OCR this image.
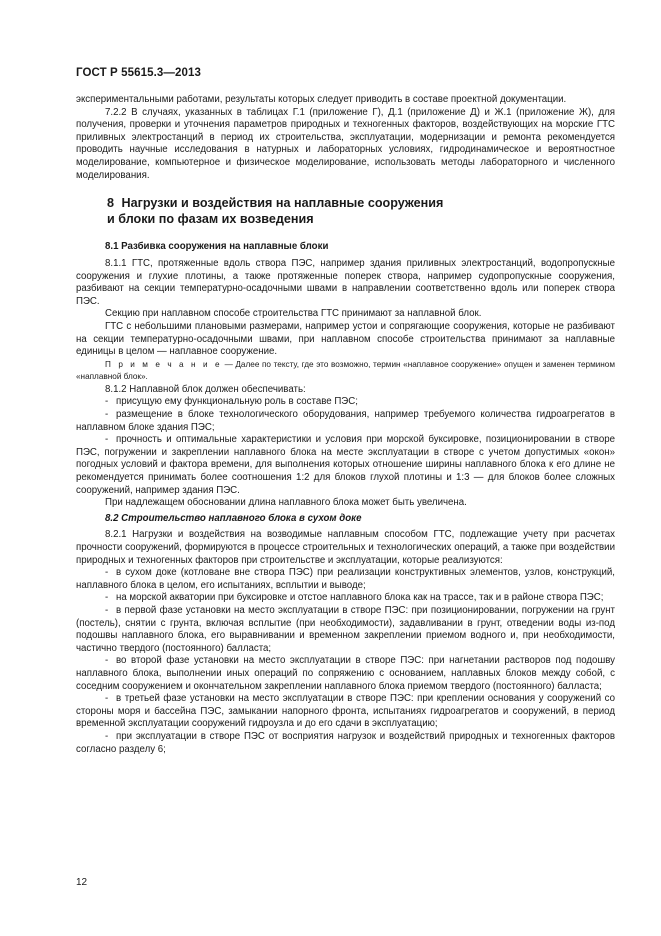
ГОСТ Р 55615.3—2013

экспериментальными работами, результаты которых следует приводить в составе проектной документации.

7.2.2 В случаях, указанных в таблицах Г.1 (приложение Г), Д.1 (приложение Д) и Ж.1 (приложение Ж), для получения, проверки и уточнения параметров природных и техногенных факторов, воздействующих на морские ГТС приливных электростанций в период их строительства, эксплуатации, модернизации и ремонта рекомендуется проводить научные исследования в натурных и лабораторных условиях, гидродинамическое и вероятностное моделирование, компьютерное и физическое моделирование, использовать методы лабораторного и численного моделирования.

8 Нагрузки и воздействия на наплавные сооружения
и блоки по фазам их возведения
8.1 Разбивка сооружения на наплавные блоки

8.1.1 ГТС, протяженные вдоль створа ПЭС, например здания приливных электростанций, водопропускные сооружения и глухие плотины, а также протяженные поперек створа, например судопропускные сооружения, разбивают на секции температурно-осадочными швами в направлении соответственно вдоль или поперек створа ПЭС.

Секцию при наплавном способе строительства ГТС принимают за наплавной блок.

ГТС с небольшими плановыми размерами, например устои и сопрягающие сооружения, которые не разбивают на секции температурно-осадочными швами, при наплавном способе строительства принимают за наплавные единицы в целом — наплавное сооружение.

П р и м е ч а н и е — Далее по тексту, где это возможно, термин «наплавное сооружение» опущен и заменен термином «наплавной блок».

8.1.2 Наплавной блок должен обеспечивать:

- присущую ему функциональную роль в составе ПЭС;

- размещение в блоке технологического оборудования, например требуемого количества гидроагрегатов в наплавном блоке здания ПЭС;

- прочность и оптимальные характеристики и условия при морской буксировке, позиционировании в створе ПЭС, погружении и закреплении наплавного блока на месте эксплуатации в створе с учетом допустимых «окон» погодных условий и фактора времени, для выполнения которых отношение ширины наплавного блока к его длине не рекомендуется принимать более соотношения 1:2 для блоков глухой плотины и 1:3 — для блоков более сложных сооружений, например здания ПЭС.

При надлежащем обосновании длина наплавного блока может быть увеличена.

8.2 Строительство наплавного блока в сухом доке

8.2.1 Нагрузки и воздействия на возводимые наплавным способом ГТС, подлежащие учету при расчетах прочности сооружений, формируются в процессе строительных и технологических операций, а также при воздействии природных и техногенных факторов при строительстве и эксплуатации, которые реализуются:

- в сухом доке (котловане вне створа ПЭС) при реализации конструктивных элементов, узлов, конструкций, наплавного блока в целом, его испытаниях, всплытии и выводе;

- на морской акватории при буксировке и отстое наплавного блока как на трассе, так и в районе створа ПЭС;

- в первой фазе установки на место эксплуатации в створе ПЭС: при позиционировании, погружении на грунт (постель), снятии с грунта, включая всплытие (при необходимости), задавливании в грунт, отведении воды из-под подошвы наплавного блока, его выравнивании и временном закреплении приемом водного и, при необходимости, частично твердого (постоянного) балласта;

- во второй фазе установки на место эксплуатации в створе ПЭС: при нагнетании растворов под подошву наплавного блока, выполнении иных операций по сопряжению с основанием, наплавных блоков между собой, с соседним сооружением и окончательном закреплении наплавного блока приемом твердого (постоянного) балласта;

- в третьей фазе установки на место эксплуатации в створе ПЭС: при креплении основания у сооружений со стороны моря и бассейна ПЭС, замыкании напорного фронта, испытаниях гидроагрегатов и сооружений, в период временной эксплуатации сооружений гидроузла и до его сдачи в эксплуатацию;

- при эксплуатации в створе ПЭС от восприятия нагрузок и воздействий природных и техногенных факторов согласно разделу 6;

12
